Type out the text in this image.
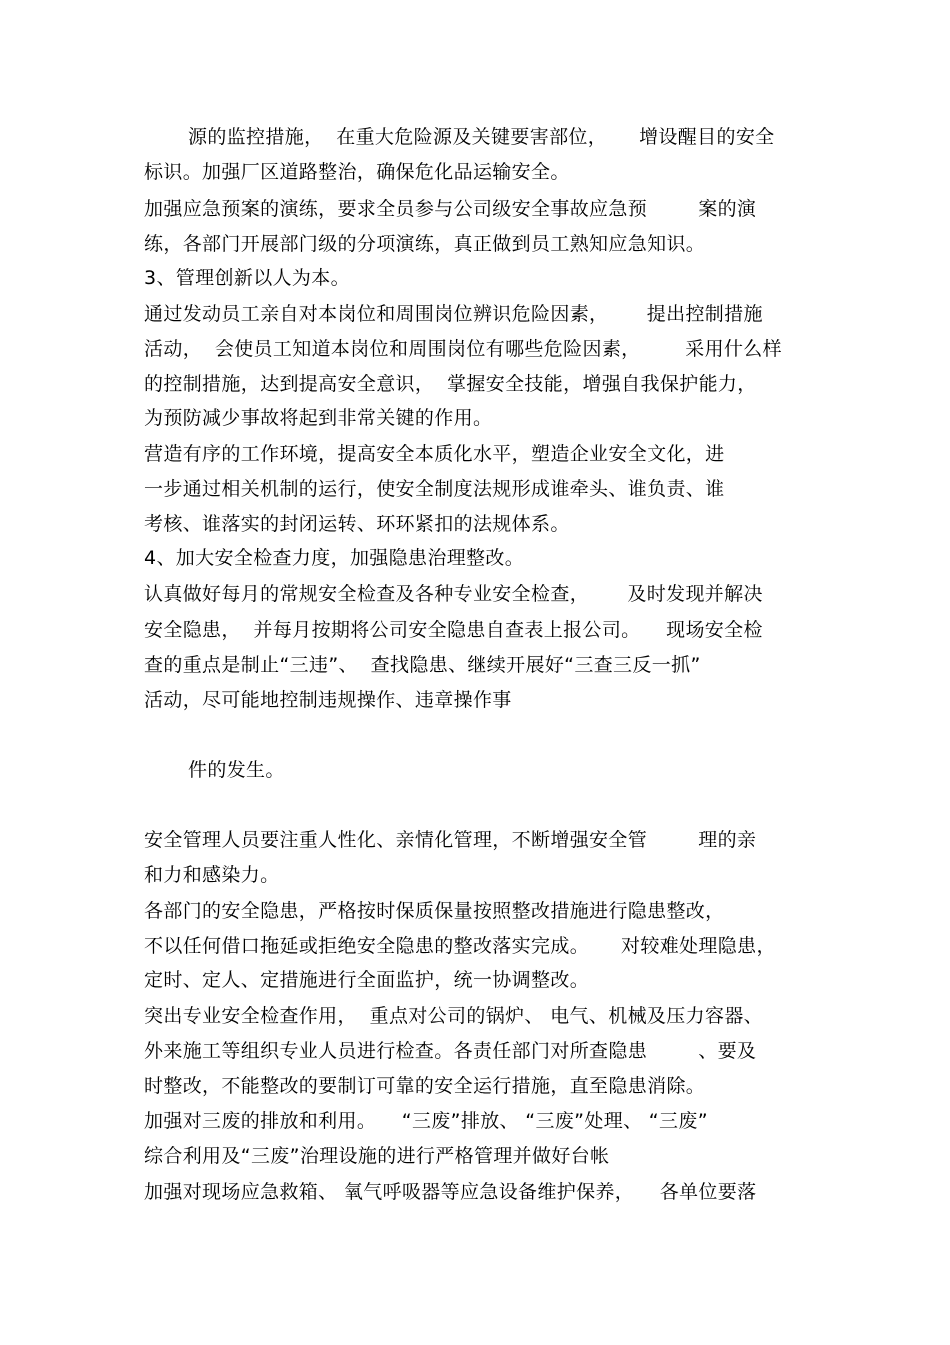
源的监控措施，  在重大危险源及关键要害部位，     增设醒目的安全
标识。加强厂区道路整治，确保危化品运输安全。
加强应急预案的演练，要求全员参与公司级安全事故应急预        案的演
练，各部门开展部门级的分项演练，真正做到员工熟知应急知识。
3、管理创新以人为本。
通过发动员工亲自对本岗位和周围岗位辨识危险因素，      提出控制措施
活动，  会使员工知道本岗位和周围岗位有哪些危险因素，       采用什么样
的控制措施，达到提高安全意识，  掌握安全技能，增强自我保护能力，
为预防减少事故将起到非常关键的作用。
营造有序的工作环境，提高安全本质化水平，塑造企业安全文化，进
一步通过相关机制的运行，使安全制度法规形成谁牵头、谁负责、谁
考核、谁落实的封闭运转、环环紧扣的法规体系。
4、加大安全检查力度，加强隐患治理整改。
认真做好每月的常规安全检查及各种专业安全检查，      及时发现并解决
安全隐患，  并每月按期将公司安全隐患自查表上报公司。    现场安全检
查的重点是制止“三违”、  查找隐患、继续开展好“三查三反一抓”
活动，尽可能地控制违规操作、违章操作事
件的发生。
安全管理人员要注重人性化、亲情化管理，不断增强安全管        理的亲
和力和感染力。
各部门的安全隐患，严格按时保质保量按照整改措施进行隐患整改，
不以任何借口拖延或拒绝安全隐患的整改落实完成。     对较难处理隐患，
定时、定人、定措施进行全面监护，统一协调整改。
突出专业安全检查作用，  重点对公司的锅炉、 电气、机械及压力容器、
外来施工等组织专业人员进行检查。各责任部门对所查隐患        、要及
时整改，不能整改的要制订可靠的安全运行措施，直至隐患消除。
加强对三废的排放和利用。    “三废”排放、 “三废”处理、 “三废”
综合利用及“三废”治理设施的进行严格管理并做好台帐
加强对现场应急救箱、 氧气呼吸器等应急设备维护保养，    各单位要落
